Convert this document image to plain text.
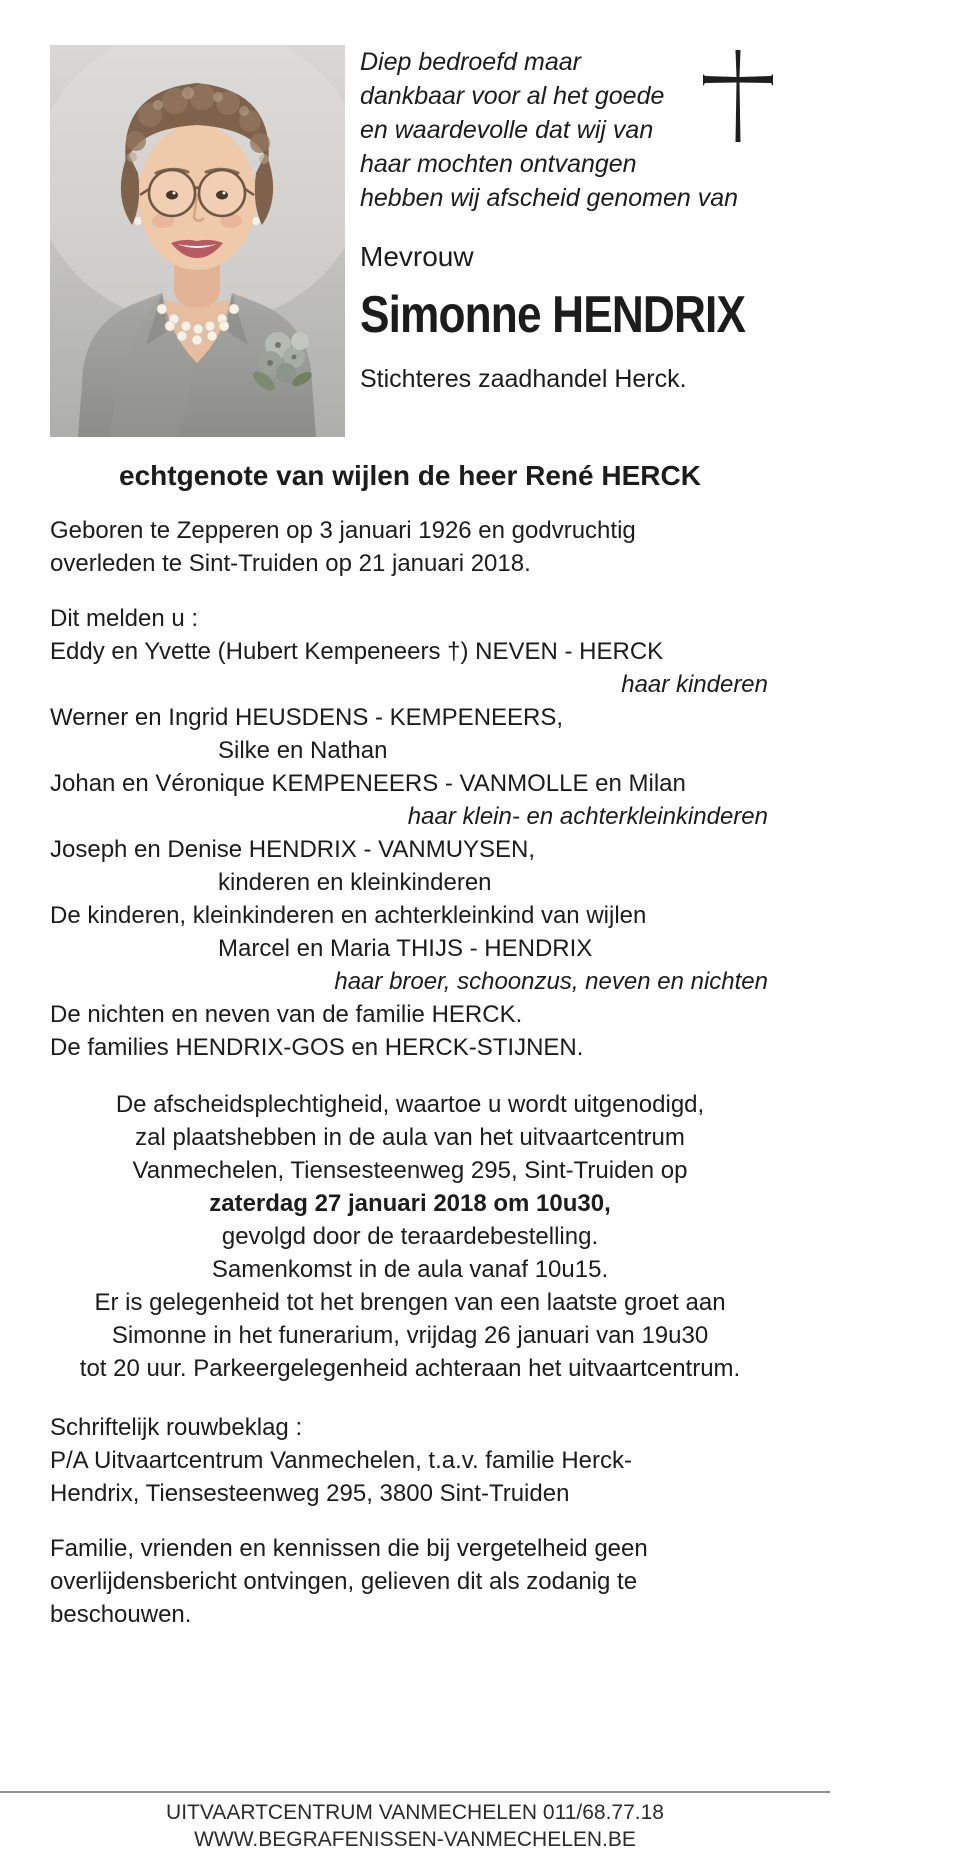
Diep bedroefd maar
dankbaar voor al het goede
en waardevolle dat wij van
haar mochten ontvangen
hebben wij afscheid genomen van
Mevrouw
Simonne HENDRIX
Stichteres zaadhandel Herck.
echtgenote van wijlen de heer René HERCK
Geboren te Zepperen op 3 januari 1926 en godvruchtig
overleden te Sint-Truiden op 21 januari 2018.
Dit melden u :
Eddy en Yvette (Hubert Kempeneers †) NEVEN - HERCK
haar kinderen
Werner en Ingrid HEUSDENS - KEMPENEERS,
Silke en Nathan
Johan en Véronique KEMPENEERS - VANMOLLE en Milan
haar klein- en achterkleinkinderen
Joseph en Denise HENDRIX - VANMUYSEN,
kinderen en kleinkinderen
De kinderen, kleinkinderen en achterkleinkind van wijlen
Marcel en Maria THIJS - HENDRIX
haar broer, schoonzus, neven en nichten
De nichten en neven van de familie HERCK.
De families HENDRIX-GOS en HERCK-STIJNEN.
De afscheidsplechtigheid, waartoe u wordt uitgenodigd,
zal plaatshebben in de aula van het uitvaartcentrum
Vanmechelen, Tiensesteenweg 295, Sint-Truiden op
zaterdag 27 januari 2018 om 10u30,
gevolgd door de teraardebestelling.
Samenkomst in de aula vanaf 10u15.
Er is gelegenheid tot het brengen van een laatste groet aan
Simonne in het funerarium, vrijdag 26 januari van 19u30
tot 20 uur. Parkeergelegenheid achteraan het uitvaartcentrum.
Schriftelijk rouwbeklag :
P/A Uitvaartcentrum Vanmechelen, t.a.v. familie Herck-
Hendrix, Tiensesteenweg 295, 3800 Sint-Truiden
Familie, vrienden en kennissen die bij vergetelheid geen
overlijdensbericht ontvingen, gelieven dit als zodanig te
beschouwen.
UITVAARTCENTRUM VANMECHELEN 011/68.77.18
WWW.BEGRAFENISSEN-VANMECHELEN.BE
